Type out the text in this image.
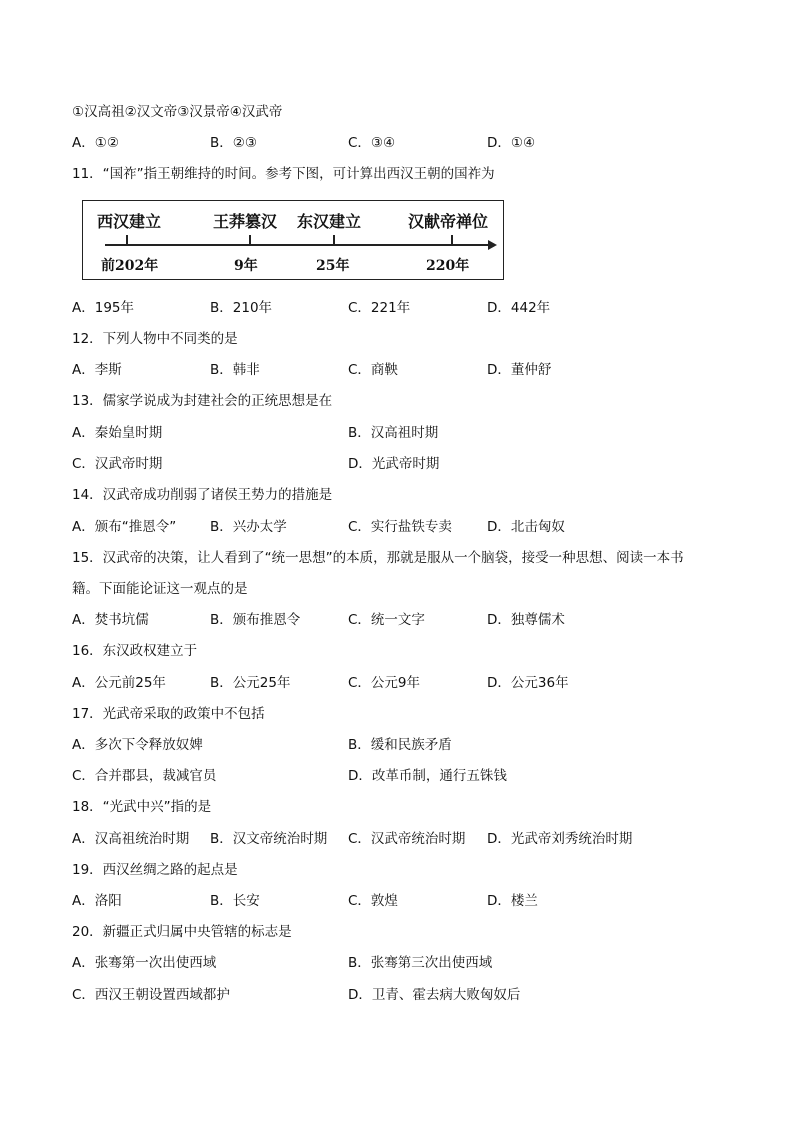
①汉高祖②汉文帝③汉景帝④汉武帝
A．①②	B．②③	C．③④	D．①④
11．“国祚”指王朝维持的时间。参考下图，可计算出西汉王朝的国祚为
西汉建立	王莽篡汉 东汉建立	汉献帝禅位
前202年	9年	25年	220年
A．195年	B．210年	C．221年	D．442年
12．下列人物中不同类的是
A．李斯	B．韩非	C．商鞅	D．董仲舒
13．儒家学说成为封建社会的正统思想是在
A．秦始皇时期	B．汉高祖时期
C．汉武帝时期	D．光武帝时期
14．汉武帝成功削弱了诸侯王势力的措施是
A．颁布“推恩令”	B．兴办太学	C．实行盐铁专卖	D．北击匈奴
15．汉武帝的决策，让人看到了“统一思想”的本质，那就是服从一个脑袋，接受一种思想、阅读一本书
籍。下面能论证这一观点的是
A．焚书坑儒	B．颁布推恩令	C．统一文字	D．独尊儒术
16．东汉政权建立于
A．公元前25年	B．公元25年	C．公元9年	D．公元36年
17．光武帝采取的政策中不包括
A．多次下令释放奴婢	B．缓和民族矛盾
C．合并郡县，裁减官员	D．改革币制，通行五铢钱
18．“光武中兴”指的是
A．汉高祖统治时期 B．汉文帝统治时期 C．汉武帝统治时期 D．光武帝刘秀统治时期
19．西汉丝绸之路的起点是
A．洛阳	B．长安	C．敦煌	D．楼兰
20．新疆正式归属中央管辖的标志是
A．张骞第一次出使西域	B．张骞第三次出使西域
C．西汉王朝设置西域都护	D．卫青、霍去病大败匈奴后
